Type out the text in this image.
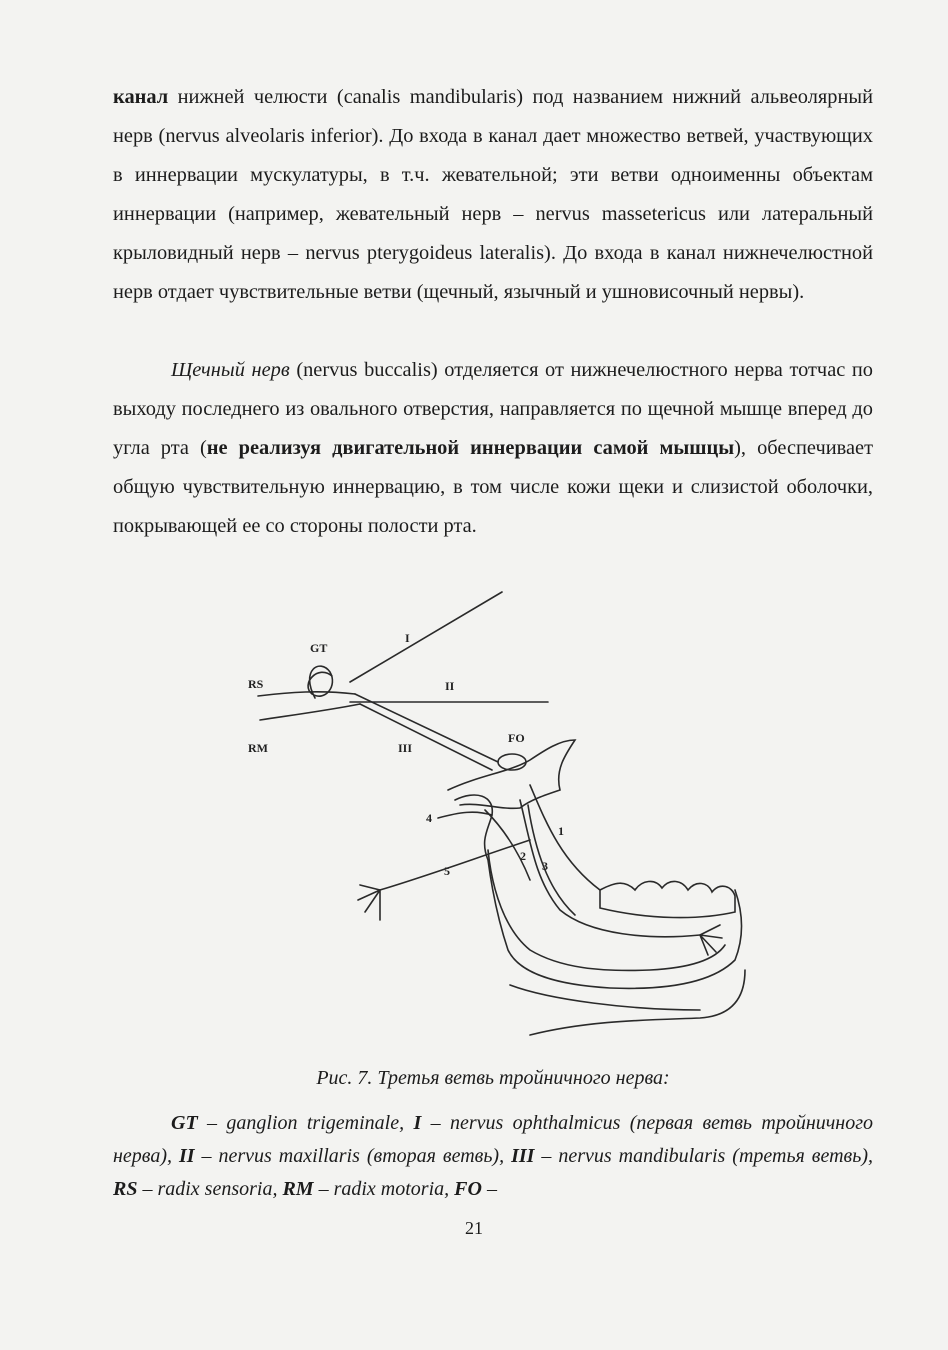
канал нижней челюсти (canalis mandibularis) под названием нижний альвеолярный нерв (nervus alveolaris inferior). До входа в канал дает множество ветвей, участвующих в иннервации мускулатуры, в т.ч. жевательной; эти ветви одноименны объектам иннервации (например, жевательный нерв – nervus massetericus или латеральный крыловидный нерв – nervus pterygoideus lateralis). До входа в канал нижнечелюстной нерв отдает чувствительные ветви (щечный, язычный и ушновисочный нервы).

Щечный нерв (nervus buccalis) отделяется от нижнечелюстного нерва тотчас по выходу последнего из овального отверстия, направляется по щечной мышце вперед до угла рта (не реализуя двигательной иннервации самой мышцы), обеспечивает общую чувствительную иннервацию, в том числе кожи щеки и слизистой оболочки, покрывающей ее со стороны полости рта.

GT
I
II
III
RS
RM
FO
1
2
3
4
5
Рис. 7. Третья ветвь тройничного нерва:

GT – ganglion trigeminale, I – nervus ophthalmicus (первая ветвь тройничного нерва), II – nervus maxillaris (вторая ветвь), III – nervus mandibularis (третья ветвь), RS – radix sensoria, RM – radix motoria, FO –

21
